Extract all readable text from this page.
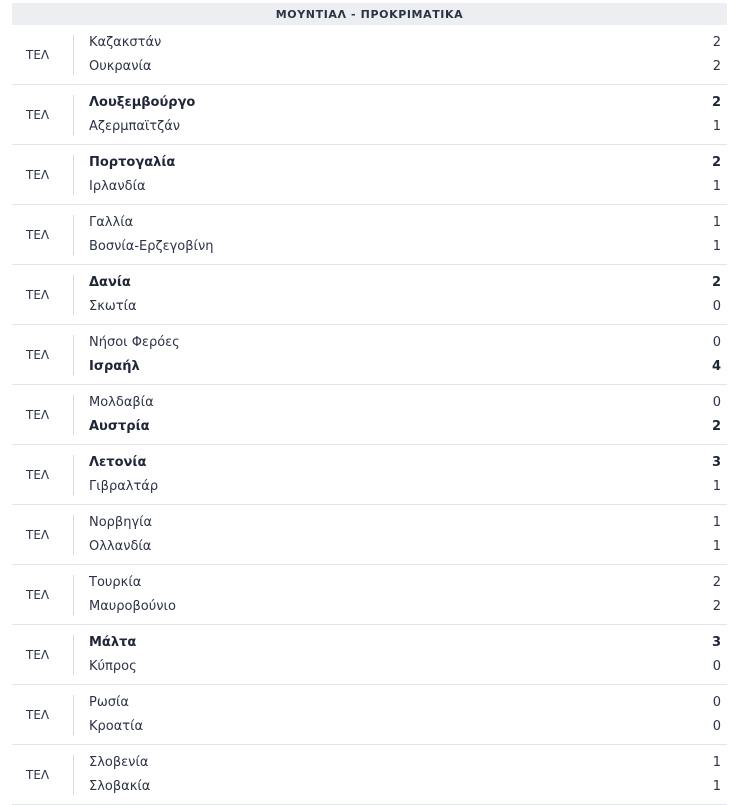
ΜΟΥΝΤΙΑΛ - ΠΡΟΚΡΙΜΑΤΙΚΑ
ΤΕΛ
Καζακστάν	2
Ουκρανία	2
ΤΕΛ
Λουξεμβούργο	2
Αζερμπαϊτζάν	1
ΤΕΛ
Πορτογαλία	2
Ιρλανδία	1
ΤΕΛ
Γαλλία	1
Βοσνία-Ερζεγοβίνη	1
ΤΕΛ
Δανία	2
Σκωτία	0
ΤΕΛ
Νήσοι Φερόες	0
Ισραήλ	4
ΤΕΛ
Μολδαβία	0
Αυστρία	2
ΤΕΛ
Λετονία	3
Γιβραλτάρ	1
ΤΕΛ
Νορβηγία	1
Ολλανδία	1
ΤΕΛ
Τουρκία	2
Μαυροβούνιο	2
ΤΕΛ
Μάλτα	3
Κύπρος	0
ΤΕΛ
Ρωσία	0
Κροατία	0
ΤΕΛ
Σλοβενία	1
Σλοβακία	1
